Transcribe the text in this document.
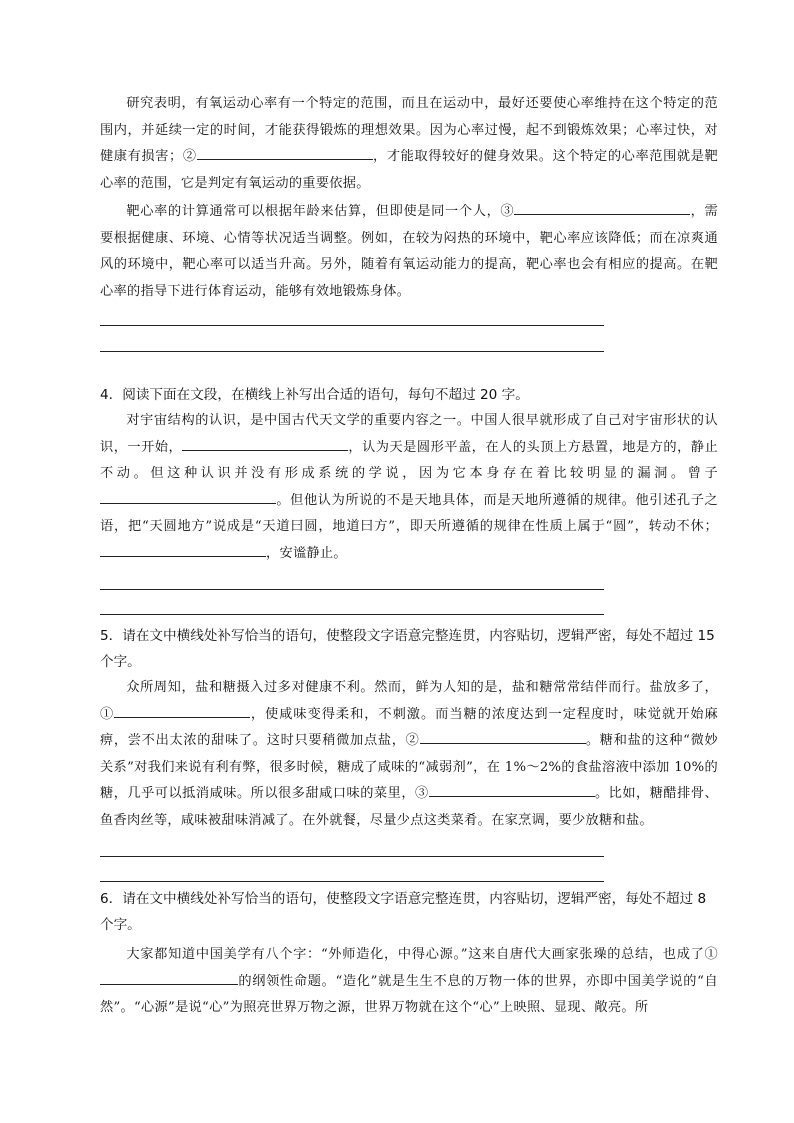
研究表明，有氧运动心率有一个特定的范围，而且在运动中，最好还要使心率维持在这个特定的范围内，并延续一定的时间，才能获得锻炼的理想效果。因为心率过慢，起不到锻炼效果；心率过快，对健康有损害；②	，才能取得较好的健身效果。这个特定的心率范围就是靶心率的范围，它是判定有氧运动的重要依据。

靶心率的计算通常可以根据年龄来估算，但即使是同一个人，③	，需要根据健康、环境、心情等状况适当调整。例如，在较为闷热的环境中，靶心率应该降低；而在凉爽通风的环境中，靶心率可以适当升高。另外，随着有氧运动能力的提高，靶心率也会有相应的提高。在靶心率的指导下进行体育运动，能够有效地锻炼身体。

4．阅读下面在文段，在横线上补写出合适的语句，每句不超过 20 字。

对宇宙结构的认识，是中国古代天文学的重要内容之一。中国人很早就形成了自己对宇宙形状的认识，一开始，	，认为天是圆形平盖，在人的头顶上方悬置，地是方的，静止不动。但这种认识并没有形成系统的学说，因为它本身存在着比较明显的漏洞。曾子。但他认为所说的不是天地具体，而是天地所遵循的规律。他引述孔子之语，把“天圆地方”说成是“天道曰圆，地道曰方”，即天所遵循的规律在性质上属于“圆”，转动不休；，安谧静止。

5．请在文中横线处补写恰当的语句，使整段文字语意完整连贯，内容贴切，逻辑严密，每处不超过 15 个字。

众所周知，盐和糖摄入过多对健康不利。然而，鲜为人知的是，盐和糖常常结伴而行。盐放多了，①	，使咸味变得柔和，不刺激。而当糖的浓度达到一定程度时，味觉就开始麻痹，尝不出太浓的甜味了。这时只要稍微加点盐，②	。糖和盐的这种“微妙关系”对我们来说有利有弊，很多时候，糖成了咸味的“减弱剂”，在 1%～2%的食盐溶液中添加 10%的糖，几乎可以抵消咸味。所以很多甜咸口味的菜里，③	。比如，糖醋排骨、鱼香肉丝等，咸味被甜味消减了。在外就餐，尽量少点这类菜肴。在家烹调，要少放糖和盐。

6．请在文中横线处补写恰当的语句，使整段文字语意完整连贯，内容贴切，逻辑严密，每处不超过 8 个字。

大家都知道中国美学有八个字：“外师造化，中得心源。”这来自唐代大画家张璪的总结，也成了①的纲领性命题。“造化”就是生生不息的万物一体的世界，亦即中国美学说的“自然”。“心源”是说“心”为照亮世界万物之源，世界万物就在这个“心”上映照、显现、敞亮。所
